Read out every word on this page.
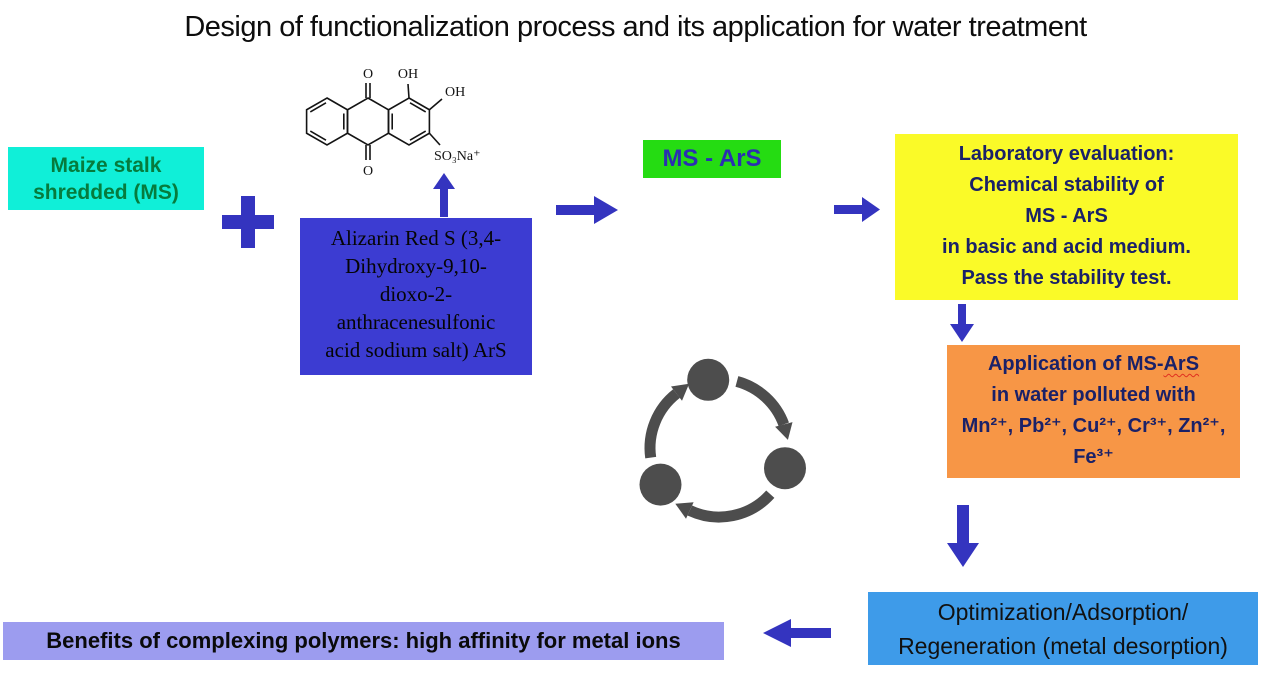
Design of functionalization process and its application for water treatment
O
O
OH
OH
SO₃Na⁺
Maize stalk
shredded (MS)
Alizarin Red S (3,4-
Dihydroxy-9,10-
dioxo-2-
anthracenesulfonic
acid sodium salt) ArS
MS - ArS	Laboratory evaluation:
Chemical stability of
MS - ArS
in basic and acid medium.
Pass the stability test.
Application of MS-ArS
in water polluted with
Mn²⁺, Pb²⁺, Cu²⁺, Cr³⁺, Zn²⁺,
Fe³⁺
Optimization/Adsorption/
Regeneration (metal desorption)
Benefits of complexing polymers: high affinity for metal ions
